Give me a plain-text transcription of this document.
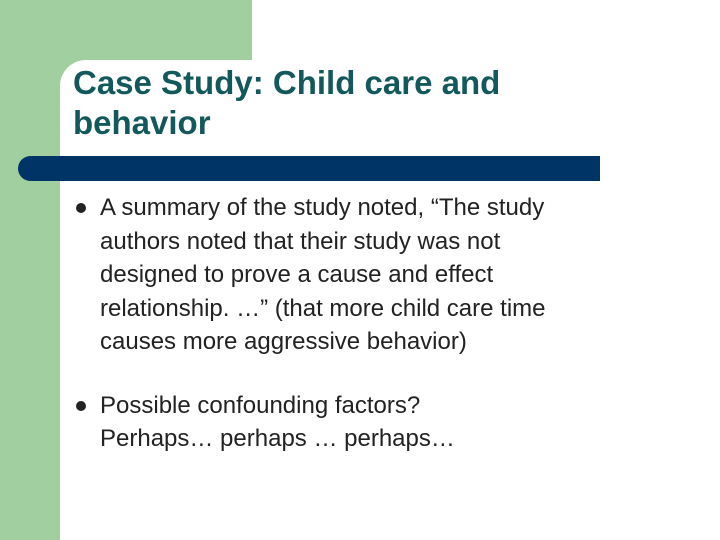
Case Study: Child care and
behavior
A summary of the study noted, “The study
authors noted that their study was not
designed to prove a cause and effect
relationship. …” (that more child care time
causes more aggressive behavior)
Possible confounding factors?
Perhaps… perhaps … perhaps…
